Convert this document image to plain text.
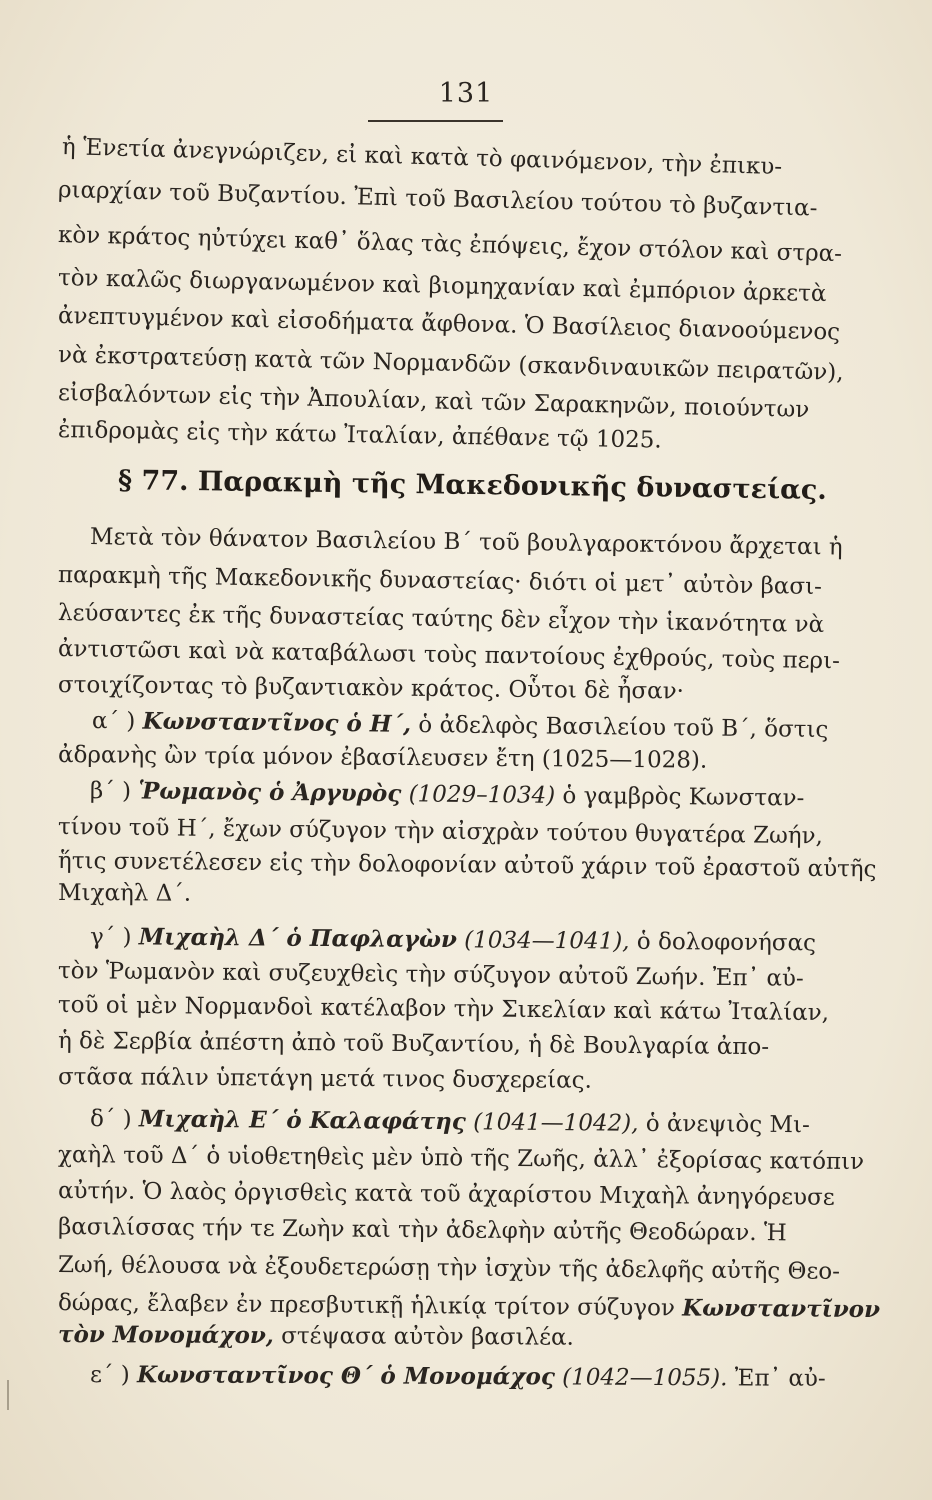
131
ἡ Ἑνετία ἀνεγνώριζεν, εἰ καὶ κατὰ τὸ φαινόμενον, τὴν ἐπικυ-
ριαρχίαν τοῦ Βυζαντίου. Ἐπὶ τοῦ Βασιλείου τούτου τὸ βυζαντια-
κὸν κράτος ηὐτύχει καθ᾽ ὅλας τὰς ἐπόψεις, ἔχον στόλον καὶ στρα-
τὸν καλῶς διωργανωμένον καὶ βιομηχανίαν καὶ ἐμπόριον ἀρκετὰ
ἀνεπτυγμένον καὶ εἰσοδήματα ἄφθονα. Ὁ Βασίλειος διανοούμενος
νὰ ἐκστρατεύσῃ κατὰ τῶν Νορμανδῶν (σκανδιναυικῶν πειρατῶν),
εἰσβαλόντων εἰς τὴν Ἀπουλίαν, καὶ τῶν Σαρακηνῶν, ποιούντων
ἐπιδρομὰς εἰς τὴν κάτω Ἰταλίαν, ἀπέθανε τῷ 1025.
§ 77. Παρακμὴ τῆς Μακεδονικῆς δυναστείας.
Μετὰ τὸν θάνατον Βασιλείου Β΄ τοῦ βουλγαροκτόνου ἄρχεται ἡ
παρακμὴ τῆς Μακεδονικῆς δυναστείας· διότι οἱ μετ᾽ αὐτὸν βασι-
λεύσαντες ἐκ τῆς δυναστείας ταύτης δὲν εἶχον τὴν ἱκανότητα νὰ
ἀντιστῶσι καὶ νὰ καταβάλωσι τοὺς παντοίους ἐχθρούς, τοὺς περι-
στοιχίζοντας τὸ βυζαντιακὸν κράτος. Οὗτοι δὲ ἦσαν·
α΄ ) Κωνσταντῖνος ὁ Η΄, ὁ ἀδελφὸς Βασιλείου τοῦ Β΄, ὅστις
ἀδρανὴς ὢν τρία μόνον ἐβασίλευσεν ἔτη (1025—1028).
β΄ ) Ῥωμανὸς ὁ Ἀργυρὸς (1029–1034) ὁ γαμβρὸς Κωνσταν-
τίνου τοῦ Η΄, ἔχων σύζυγον τὴν αἰσχρὰν τούτου θυγατέρα Ζωήν,
ἥτις συνετέλεσεν εἰς τὴν δολοφονίαν αὐτοῦ χάριν τοῦ ἐραστοῦ αὐτῆς
Μιχαὴλ Δ΄.
γ΄ ) Μιχαὴλ Δ΄ ὁ Παφλαγὼν (1034—1041), ὁ δολοφονήσας
τὸν Ῥωμανὸν καὶ συζευχθεὶς τὴν σύζυγον αὐτοῦ Ζωήν. Ἐπ᾽ αὐ-
τοῦ οἱ μὲν Νορμανδοὶ κατέλαβον τὴν Σικελίαν καὶ κάτω Ἰταλίαν,
ἡ δὲ Σερβία ἀπέστη ἀπὸ τοῦ Βυζαντίου, ἡ δὲ Βουλγαρία ἀπο-
στᾶσα πάλιν ὑπετάγη μετά τινος δυσχερείας.
δ΄ ) Μιχαὴλ Ε΄ ὁ Καλαφάτης (1041—1042), ὁ ἀνεψιὸς Μι-
χαὴλ τοῦ Δ΄ ὁ υἱοθετηθεὶς μὲν ὑπὸ τῆς Ζωῆς, ἀλλ᾽ ἐξορίσας κατόπιν
αὐτήν. Ὁ λαὸς ὀργισθεὶς κατὰ τοῦ ἀχαρίστου Μιχαὴλ ἀνηγόρευσε
βασιλίσσας τήν τε Ζωὴν καὶ τὴν ἀδελφὴν αὐτῆς Θεοδώραν. Ἡ
Ζωή, θέλουσα νὰ ἐξουδετερώσῃ τὴν ἰσχὺν τῆς ἀδελφῆς αὐτῆς Θεο-
δώρας, ἔλαβεν ἐν πρεσβυτικῇ ἡλικίᾳ τρίτον σύζυγον Κωνσταντῖνον
τὸν Μονομάχον, στέψασα αὐτὸν βασιλέα.
ε΄ ) Κωνσταντῖνος Θ΄ ὁ Μονομάχος (1042—1055). Ἐπ᾽ αὐ-
